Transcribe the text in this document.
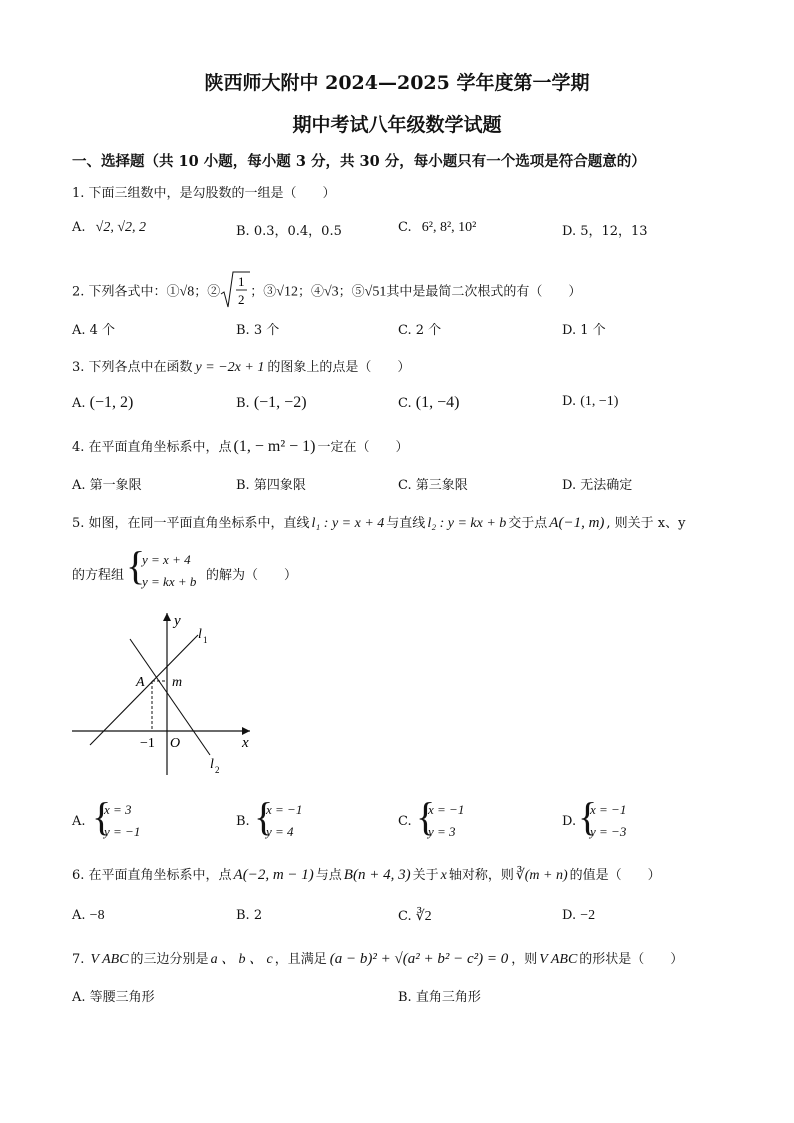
陕西师大附中 2024—2025 学年度第一学期
期中考试八年级数学试题
一、选择题（共 10 小题，每小题 3 分，共 30 分，每小题只有一个选项是符合题意的）
1. 下面三组数中，是勾股数的一组是（　　）
A. √2, √2, 2	B. 0.3，0.4，0.5	C. 6², 8², 10²	D. 5，12，13
2. 下列各式中：①√8；②
1
2 ；③√12；④√3；⑤√51其中是最简二次根式的有（　　）
A. 4 个	B. 3 个	C. 2 个	D. 1 个
3. 下列各点中在函数 y = −2x + 1 的图象上的点是（　　）
A. (−1, 2)	B. (−1, −2)	C. (1, −4)	D. (1, −1)
4. 在平面直角坐标系中，点 (1, − m² − 1) 一定在（　　）
A. 第一象限	B. 第四象限	C. 第三象限	D. 无法确定
5. 如图，在同一平面直角坐标系中，直线 l₁ : y = x + 4 与直线 l₂ : y = kx + b 交于点 A(−1, m) , 则关于 x、y
的方程组 {
y = x + 4
y = kx + b 的解为（　　）
y
x
l 1
l 2
A m
−1 O
A. {
x = 3
y = −1
B. {
x = −1
y = 4
C. {
x = −1
y = 3
D. {
x = −1
y = −3
6. 在平面直角坐标系中，点 A(−2, m − 1) 与点 B(n + 4, 3) 关于 x 轴对称，则 ∛(m + n) 的值是（　　）
A. −8	B. 2	C. ∛2	D. −2
7. V ABC 的三边分别是 a 、 b 、 c ，且满足 (a − b)² + √(a² + b² − c²) = 0 ，则 V ABC 的形状是（　　）
A. 等腰三角形	B. 直角三角形
